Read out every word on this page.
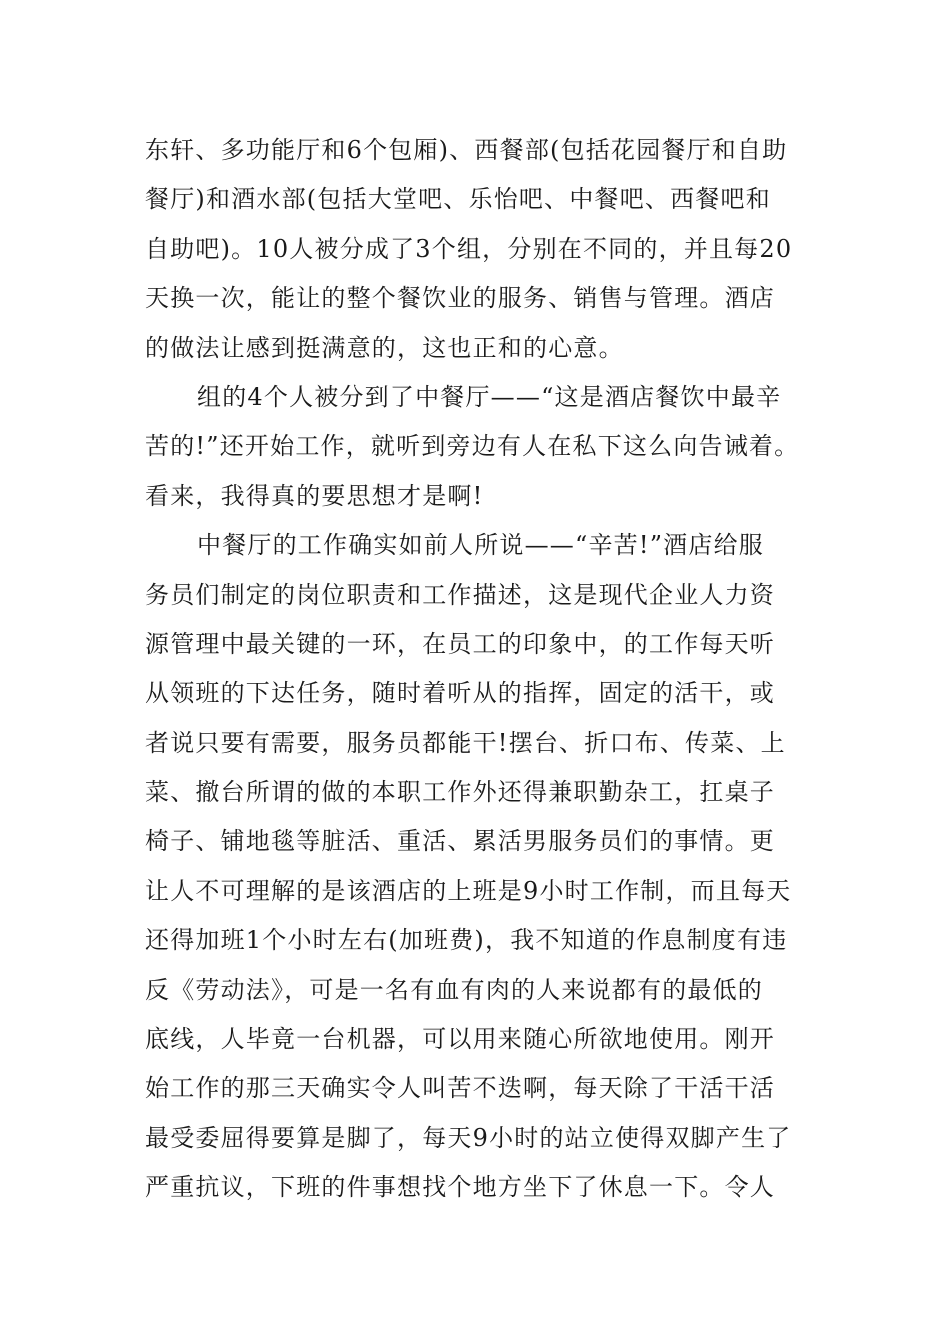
东轩、多功能厅和6个包厢)、西餐部(包括花园餐厅和自助
餐厅)和酒水部(包括大堂吧、乐怡吧、中餐吧、西餐吧和
自助吧)。10人被分成了3个组，分别在不同的，并且每20
天换一次，能让的整个餐饮业的服务、销售与管理。酒店
的做法让感到挺满意的，这也正和的心意。
组的4个人被分到了中餐厅——“这是酒店餐饮中最辛
苦的!”还开始工作，就听到旁边有人在私下这么向告诫着。
看来，我得真的要思想才是啊!
中餐厅的工作确实如前人所说——“辛苦!”酒店给服
务员们制定的岗位职责和工作描述，这是现代企业人力资
源管理中最关键的一环，在员工的印象中，的工作每天听
从领班的下达任务，随时着听从的指挥，固定的活干，或
者说只要有需要，服务员都能干!摆台、折口布、传菜、上
菜、撤台所谓的做的本职工作外还得兼职勤杂工，扛桌子
椅子、铺地毯等脏活、重活、累活男服务员们的事情。更
让人不可理解的是该酒店的上班是9小时工作制，而且每天
还得加班1个小时左右(加班费)，我不知道的作息制度有违
反《劳动法》，可是一名有血有肉的人来说都有的最低的
底线，人毕竟一台机器，可以用来随心所欲地使用。刚开
始工作的那三天确实令人叫苦不迭啊，每天除了干活干活
最受委屈得要算是脚了，每天9小时的站立使得双脚产生了
严重抗议，下班的件事想找个地方坐下了休息一下。令人
